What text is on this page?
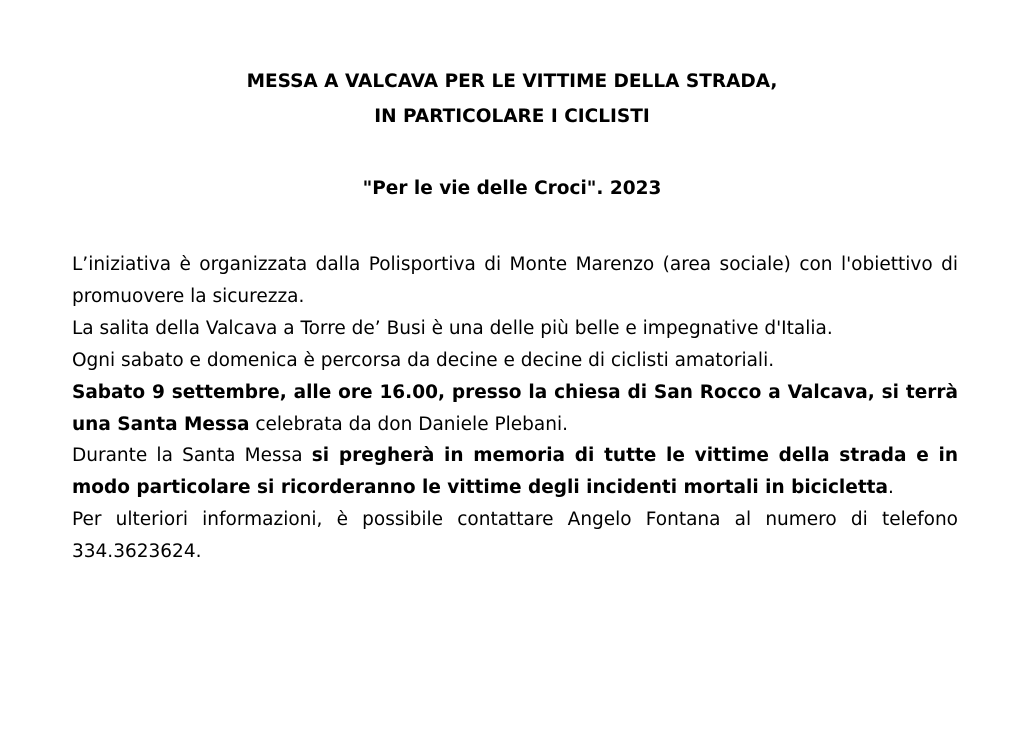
MESSA A VALCAVA PER LE VITTIME DELLA STRADA,
IN PARTICOLARE I CICLISTI
"Per le vie delle Croci". 2023

L’iniziativa è organizzata dalla Polisportiva di Monte Marenzo (area sociale) con l'obiettivo di promuovere la sicurezza.

La salita della Valcava a Torre de’ Busi è una delle più belle e impegnative d'Italia.

Ogni sabato e domenica è percorsa da decine e decine di ciclisti amatoriali.

Sabato 9 settembre, alle ore 16.00, presso la chiesa di San Rocco a Valcava, si terrà una Santa Messa celebrata da don Daniele Plebani.

Durante la Santa Messa si pregherà in memoria di tutte le vittime della strada e in modo particolare si ricorderanno le vittime degli incidenti mortali in bicicletta.

Per ulteriori informazioni, è possibile contattare Angelo Fontana al numero di telefono 334.3623624.
